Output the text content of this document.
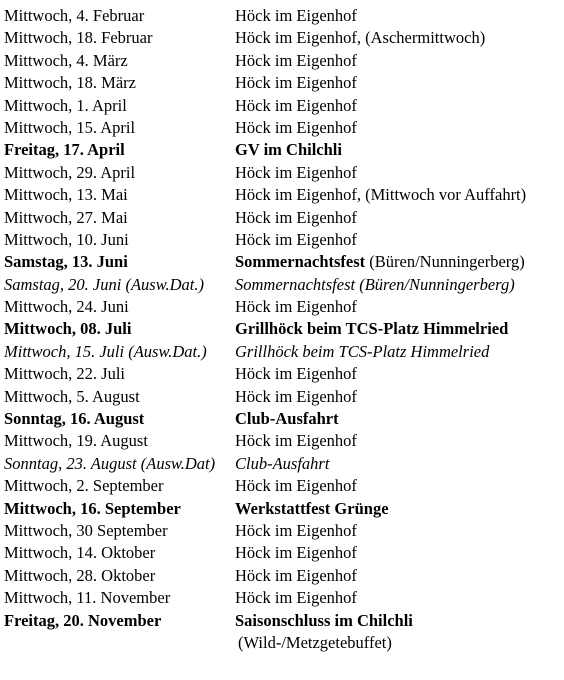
Mittwoch, 4. Februar	Höck im Eigenhof
Mittwoch, 18. Februar	Höck im Eigenhof, (Aschermittwoch)
Mittwoch, 4. März	Höck im Eigenhof
Mittwoch, 18. März	Höck im Eigenhof
Mittwoch, 1. April	Höck im Eigenhof
Mittwoch, 15. April	Höck im Eigenhof
Freitag, 17. April	GV im Chilchli
Mittwoch, 29. April	Höck im Eigenhof
Mittwoch, 13. Mai	Höck im Eigenhof, (Mittwoch vor Auffahrt)
Mittwoch, 27. Mai	Höck im Eigenhof
Mittwoch, 10. Juni	Höck im Eigenhof
Samstag, 13. Juni	Sommernachtsfest (Büren/Nunningerberg)
Samstag, 20. Juni (Ausw.Dat.) Sommernachtsfest (Büren/Nunningerberg)
Mittwoch, 24. Juni	Höck im Eigenhof
Mittwoch, 08. Juli	Grillhöck beim TCS-Platz Himmelried
Mittwoch, 15. Juli (Ausw.Dat.) Grillhöck beim TCS-Platz Himmelried
Mittwoch, 22. Juli	Höck im Eigenhof
Mittwoch, 5. August	Höck im Eigenhof
Sonntag, 16. August	Club-Ausfahrt
Mittwoch, 19. August	Höck im Eigenhof
Sonntag, 23. August (Ausw.Dat) Club-Ausfahrt
Mittwoch, 2. September	Höck im Eigenhof
Mittwoch, 16. September	Werkstattfest Grünge
Mittwoch, 30 September	Höck im Eigenhof
Mittwoch, 14. Oktober	Höck im Eigenhof
Mittwoch, 28. Oktober	Höck im Eigenhof
Mittwoch, 11. November	Höck im Eigenhof
Freitag, 20. November	Saisonschluss im Chilchli
(Wild-/Metzgetebuffet)
